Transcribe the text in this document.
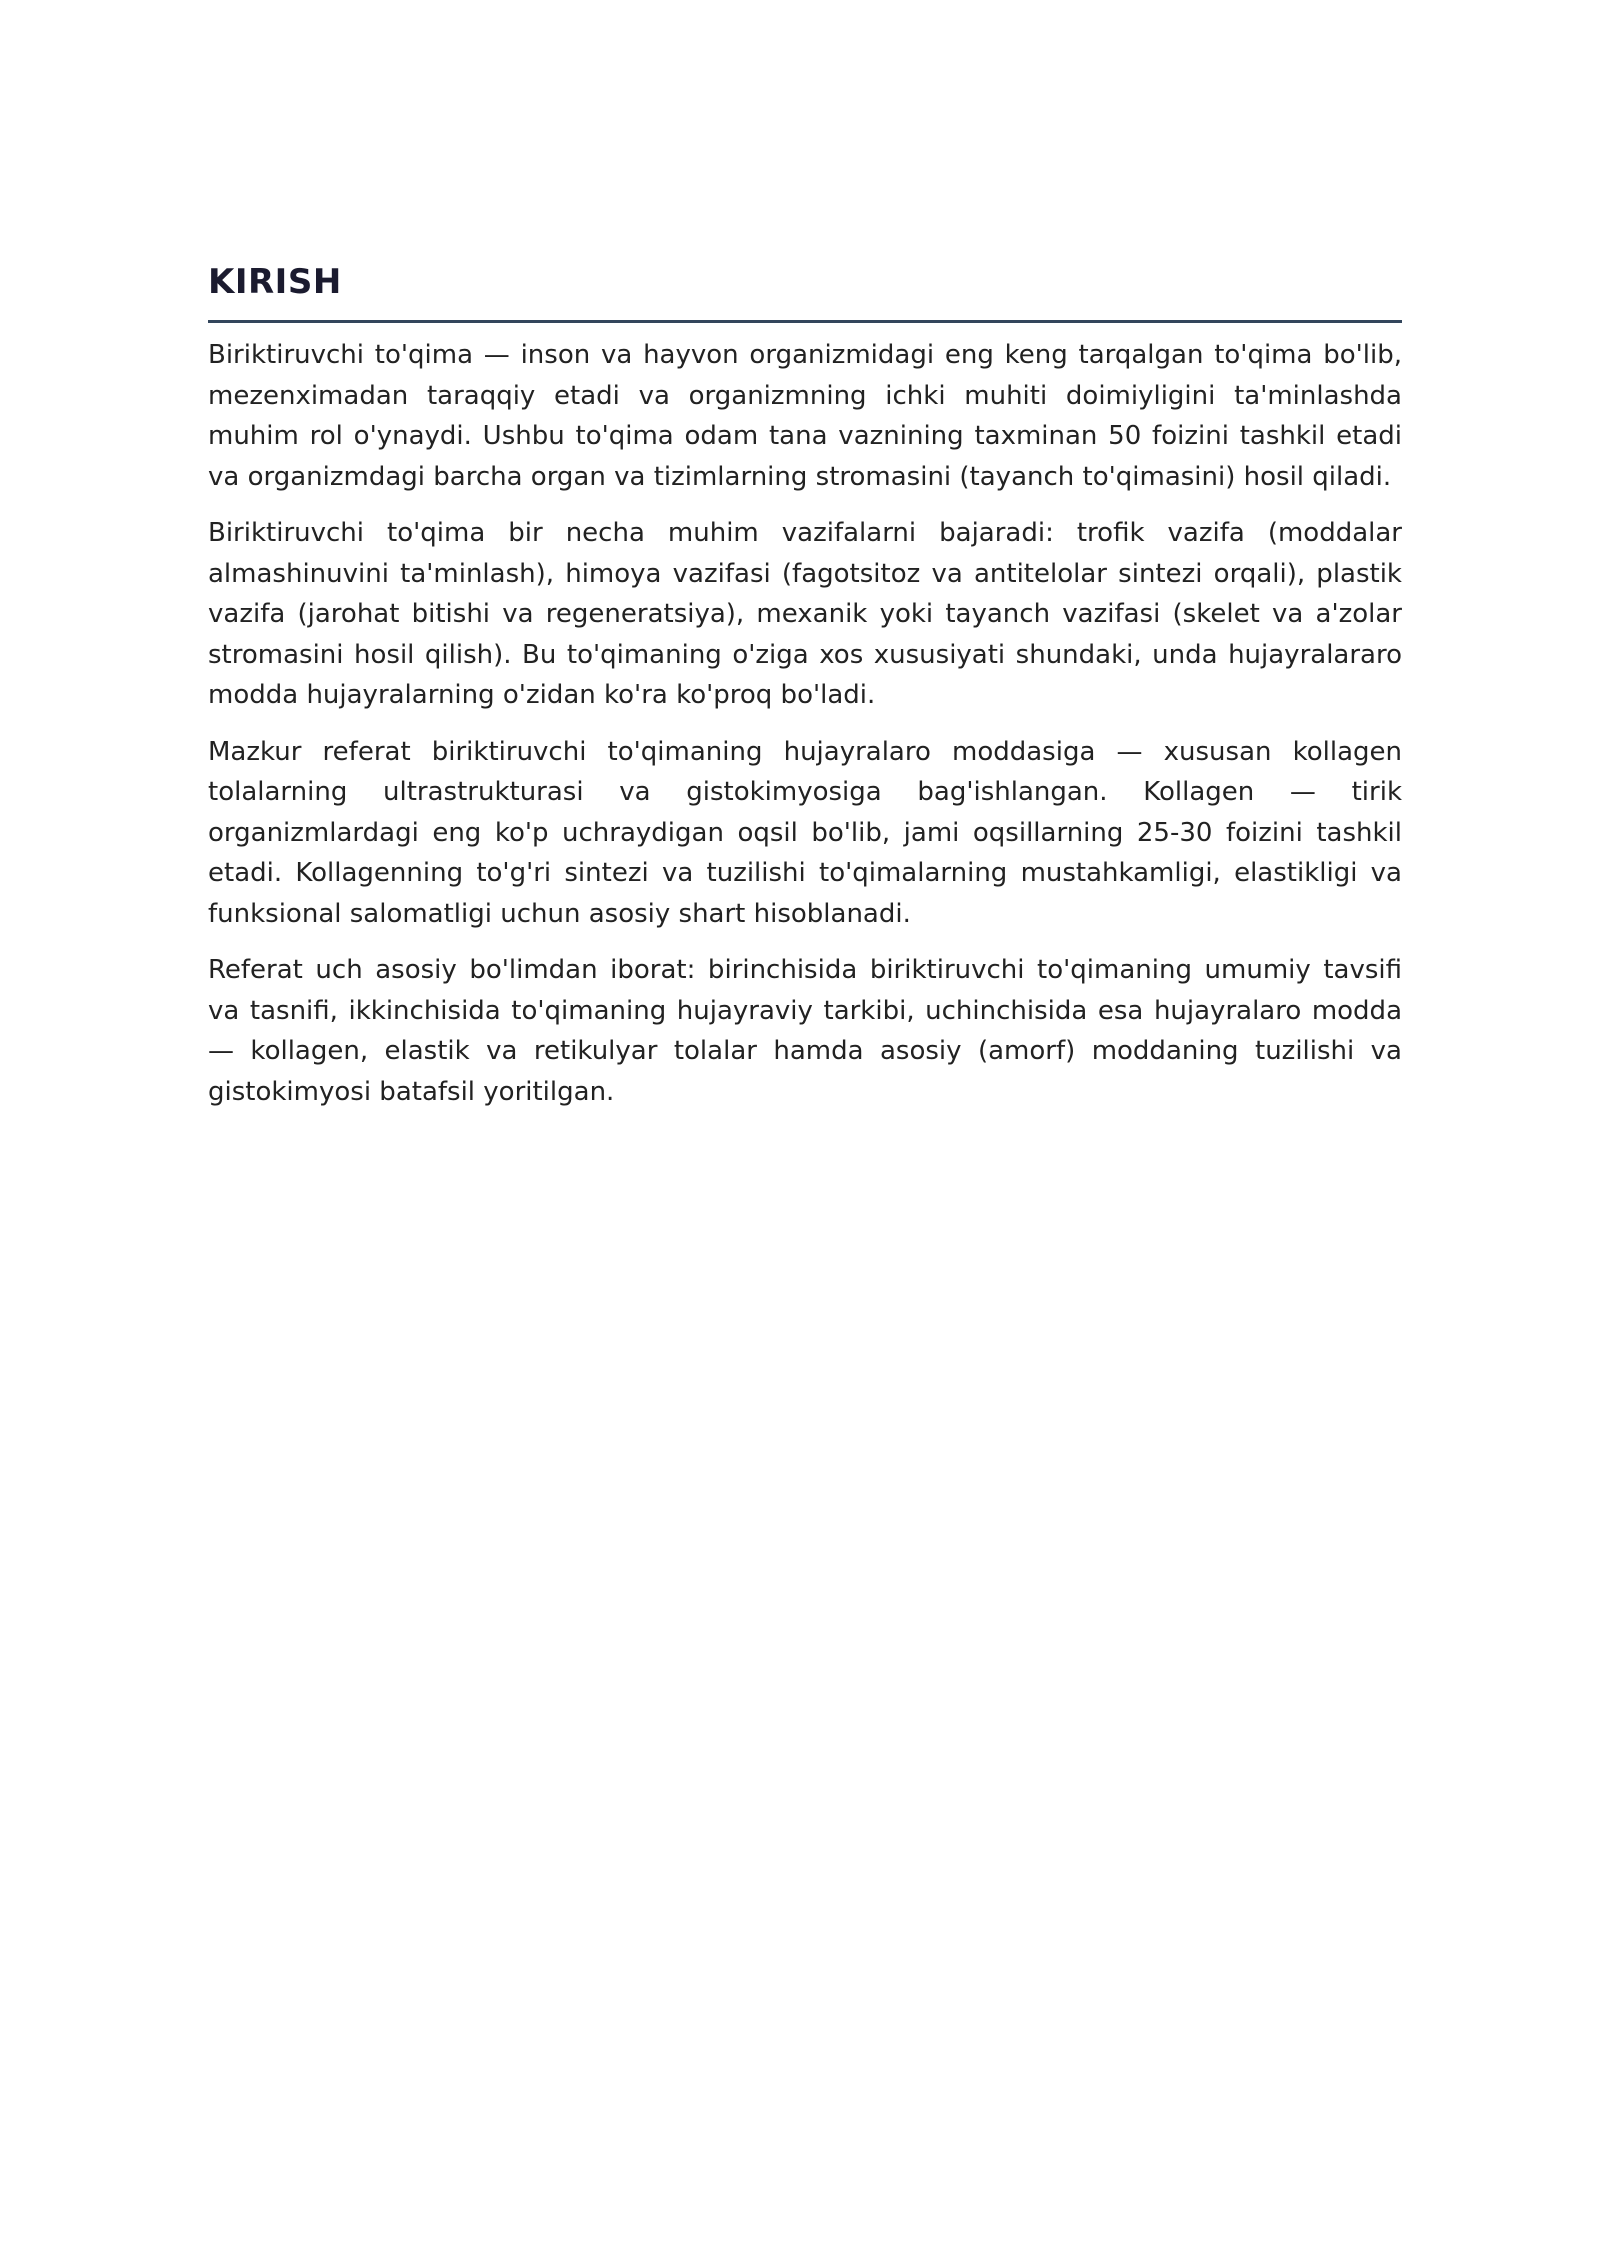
KIRISH

Biriktiruvchi to'qima — inson va hayvon organizmidagi eng keng tarqalgan to'qima bo'lib, mezenximadan taraqqiy etadi va organizmning ichki muhiti doimiyligini ta'minlashda muhim rol o'ynaydi. Ushbu to'qima odam tana vaznining taxminan 50 foizini tashkil etadi va organizmdagi barcha organ va tizimlarning stromasini (tayanch to'qimasini) hosil qiladi.

Biriktiruvchi to'qima bir necha muhim vazifalarni bajaradi: trofik vazifa (moddalar almashinuvini ta'minlash), himoya vazifasi (fagotsitoz va antitelolar sintezi orqali), plastik vazifa (jarohat bitishi va regeneratsiya), mexanik yoki tayanch vazifasi (skelet va a'zolar stromasini hosil qilish). Bu to'qimaning o'ziga xos xususiyati shundaki, unda hujayralararo modda hujayralarning o'zidan ko'ra ko'proq bo'ladi.

Mazkur referat biriktiruvchi to'qimaning hujayralaro moddasiga — xususan kollagen tolalarning ultrastrukturasi va gistokimyosiga bag'ishlangan. Kollagen — tirik organizmlardagi eng ko'p uchraydigan oqsil bo'lib, jami oqsillarning 25-30 foizini tashkil etadi. Kollagenning to'g'ri sintezi va tuzilishi to'qimalarning mustahkamligi, elastikligi va funksional salomatligi uchun asosiy shart hisoblanadi.

Referat uch asosiy bo'limdan iborat: birinchisida biriktiruvchi to'qimaning umumiy tavsifi va tasnifi, ikkinchisida to'qimaning hujayraviy tarkibi, uchinchisida esa hujayralaro modda — kollagen, elastik va retikulyar tolalar hamda asosiy (amorf) moddaning tuzilishi va gistokimyosi batafsil yoritilgan.
